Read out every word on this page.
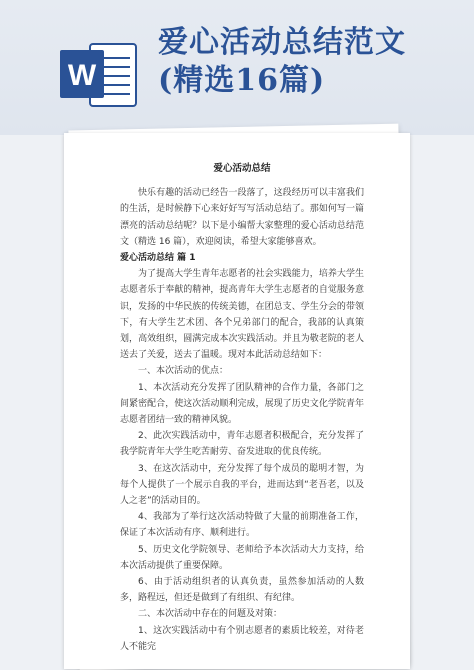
W
爱心活动总结范文
(精选16篇)
爱心活动总结

快乐有趣的活动已经告一段落了，这段经历可以丰富我们的生活，是时候静下心来好好写写活动总结了。那如何写一篇漂亮的活动总结呢？以下是小编帮大家整理的爱心活动总结范文（精选 16 篇），欢迎阅读，希望大家能够喜欢。

爱心活动总结 篇 1

为了提高大学生青年志愿者的社会实践能力，培养大学生志愿者乐于奉献的精神，提高青年大学生志愿者的自觉服务意识，发扬的中华民族的传统美德，在团总支、学生分会的带领下，有大学生艺术团、各个兄弟部门的配合，我部的认真策划，高效组织，圆满完成本次实践活动。并且为敬老院的老人送去了关爱，送去了温暖。现对本此活动总结如下：

一、本次活动的优点：

1、本次活动充分发挥了团队精神的合作力量，各部门之间紧密配合，使这次活动顺利完成，展现了历史文化学院青年志愿者团结一致的精神风貌。

2、此次实践活动中，青年志愿者积极配合，充分发挥了我学院青年大学生吃苦耐劳、奋发进取的优良传统。

3、在这次活动中，充分发挥了每个成员的聪明才智，为每个人提供了一个展示自我的平台，进而达到“老吾老，以及人之老”的活动目的。

4、我部为了举行这次活动特做了大量的前期准备工作，保证了本次活动有序、顺利进行。

5、历史文化学院领导、老师给予本次活动大力支持，给本次活动提供了重要保障。

6、由于活动组织者的认真负责，虽然参加活动的人数多，路程远，但还是做到了有组织、有纪律。

二、本次活动中存在的问题及对策：

1、这次实践活动中有个别志愿者的素质比较差，对待老人不能完
